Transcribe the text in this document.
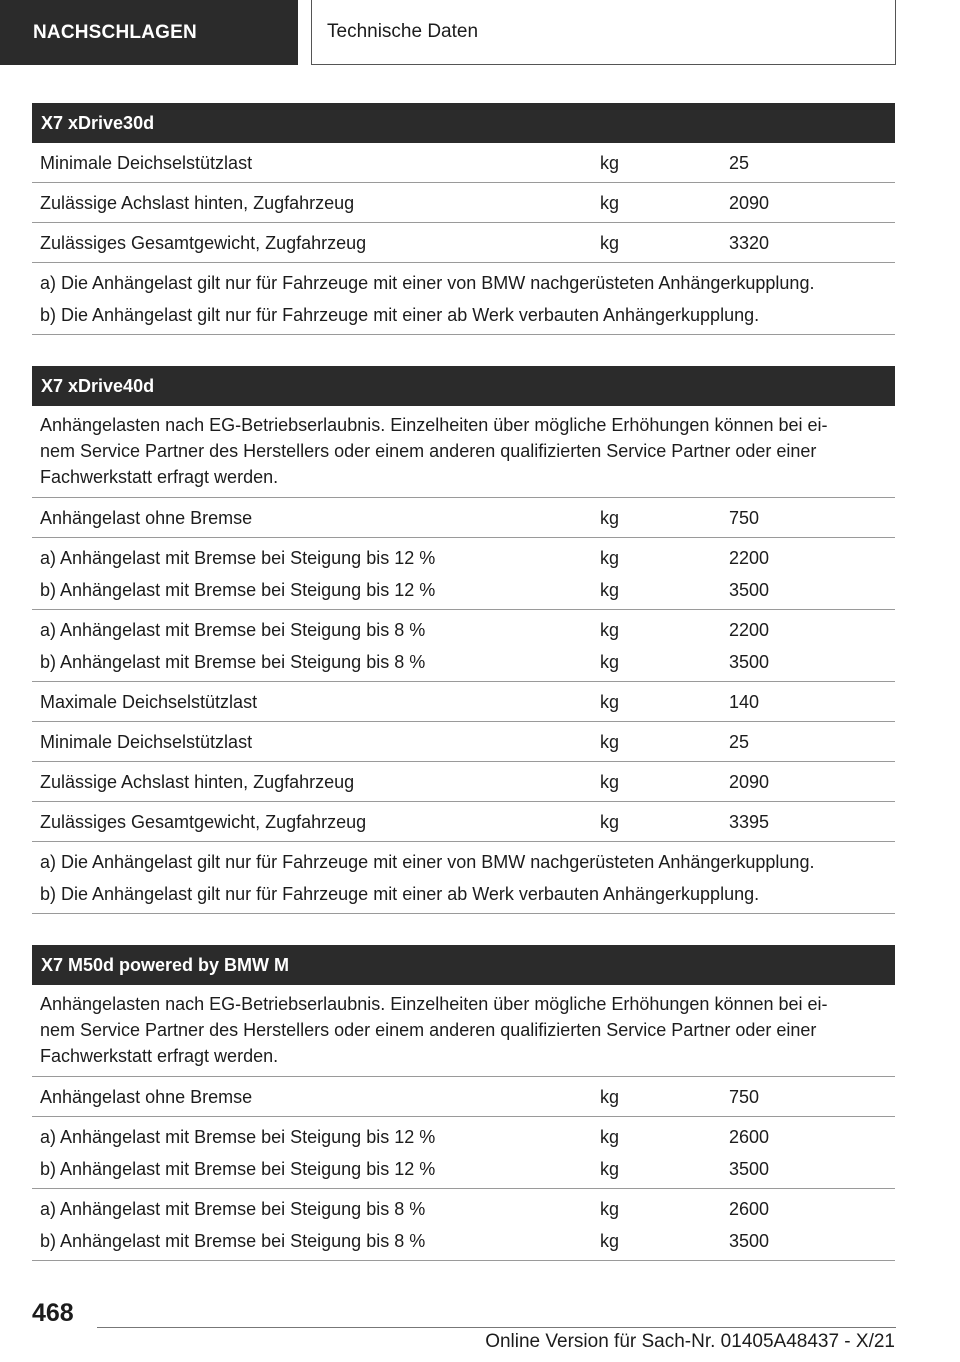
NACHSCHLAGEN	Technische Daten
X7 xDrive30d
Minimale Deichselstützlast	kg	25
Zulässige Achslast hinten, Zugfahrzeug	kg	2090
Zulässiges Gesamtgewicht, Zugfahrzeug	kg	3320
a) Die Anhängelast gilt nur für Fahrzeuge mit einer von BMW nachgerüsteten Anhängerkupplung.
b) Die Anhängelast gilt nur für Fahrzeuge mit einer ab Werk verbauten Anhängerkupplung.
X7 xDrive40d
Anhängelasten nach EG-Betriebserlaubnis. Einzelheiten über mögliche Erhöhungen können bei ei-
nem Service Partner des Herstellers oder einem anderen qualifizierten Service Partner oder einer
Fachwerkstatt erfragt werden.
Anhängelast ohne Bremse	kg	750
a) Anhängelast mit Bremse bei Steigung bis 12 %	kg	2200
b) Anhängelast mit Bremse bei Steigung bis 12 %	kg	3500
a) Anhängelast mit Bremse bei Steigung bis 8 %	kg	2200
b) Anhängelast mit Bremse bei Steigung bis 8 %	kg	3500
Maximale Deichselstützlast	kg	140
Minimale Deichselstützlast	kg	25
Zulässige Achslast hinten, Zugfahrzeug	kg	2090
Zulässiges Gesamtgewicht, Zugfahrzeug	kg	3395
a) Die Anhängelast gilt nur für Fahrzeuge mit einer von BMW nachgerüsteten Anhängerkupplung.
b) Die Anhängelast gilt nur für Fahrzeuge mit einer ab Werk verbauten Anhängerkupplung.
X7 M50d powered by BMW M
Anhängelasten nach EG-Betriebserlaubnis. Einzelheiten über mögliche Erhöhungen können bei ei-
nem Service Partner des Herstellers oder einem anderen qualifizierten Service Partner oder einer
Fachwerkstatt erfragt werden.
Anhängelast ohne Bremse	kg	750
a) Anhängelast mit Bremse bei Steigung bis 12 %	kg	2600
b) Anhängelast mit Bremse bei Steigung bis 12 %	kg	3500
a) Anhängelast mit Bremse bei Steigung bis 8 %	kg	2600
b) Anhängelast mit Bremse bei Steigung bis 8 %	kg	3500
468
Online Version für Sach-Nr. 01405A48437 - X/21
